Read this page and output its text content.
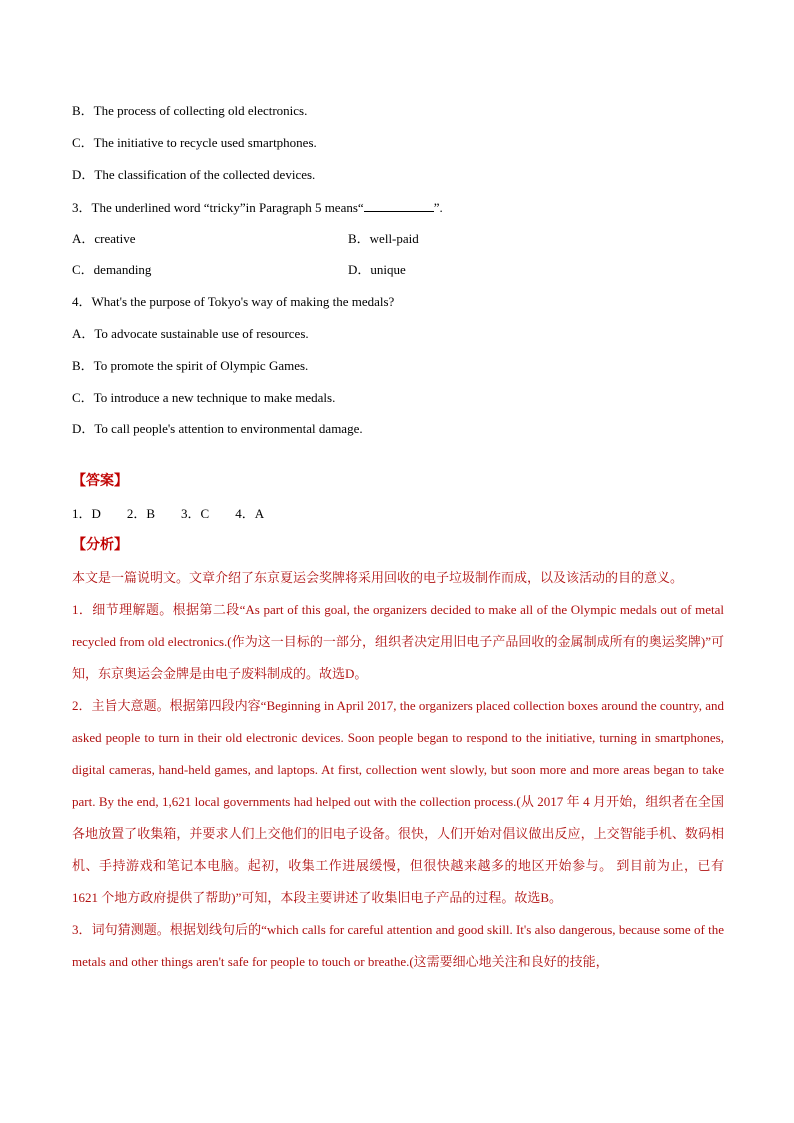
B．The process of collecting old electronics.
C．The initiative to recycle used smartphones.
D．The classification of the collected devices.
3．The underlined word “tricky”in Paragraph 5 means“	”.
A．creative	B．well-paid
C．demanding	D．unique
4．What's the purpose of Tokyo's way of making the medals?
A．To advocate sustainable use of resources.
B．To promote the spirit of Olympic Games.
C．To introduce a new technique to make medals.
D．To call people's attention to environmental damage.
【答案】
1．D　　2．B　　3．C　　4．A
【分析】

本文是一篇说明文。文章介绍了东京夏运会奖牌将采用回收的电子垃圾制作而成，以及该活动的目的意义。

1．细节理解题。根据第二段“As part of this goal, the organizers decided to make all of the Olympic medals out of metal recycled from old electronics.(作为这一目标的一部分，组织者决定用旧电子产品回收的金属制成所有的奥运奖牌)”可知，东京奥运会金牌是由电子废料制成的。故选D。

2．主旨大意题。根据第四段内容“Beginning in April 2017, the organizers placed collection boxes around the country, and asked people to turn in their old electronic devices. Soon people began to respond to the initiative, turning in smartphones, digital cameras, hand-held games, and laptops. At first, collection went slowly, but soon more and more areas began to take part. By the end, 1,621 local governments had helped out with the collection process.(从 2017 年 4 月开始，组织者在全国各地放置了收集箱，并要求人们上交他们的旧电子设备。很快，人们开始对倡议做出反应，上交智能手机、数码相机、手持游戏和笔记本电脑。起初，收集工作进展缓慢，但很快越来越多的地区开始参与。 到目前为止，已有 1621 个地方政府提供了帮助)”可知，本段主要讲述了收集旧电子产品的过程。故选B。

3．词句猜测题。根据划线句后的“which calls for careful attention and good skill. It's also dangerous, because some of the metals and other things aren't safe for people to touch or breathe.(这需要细心地关注和良好的技能，
